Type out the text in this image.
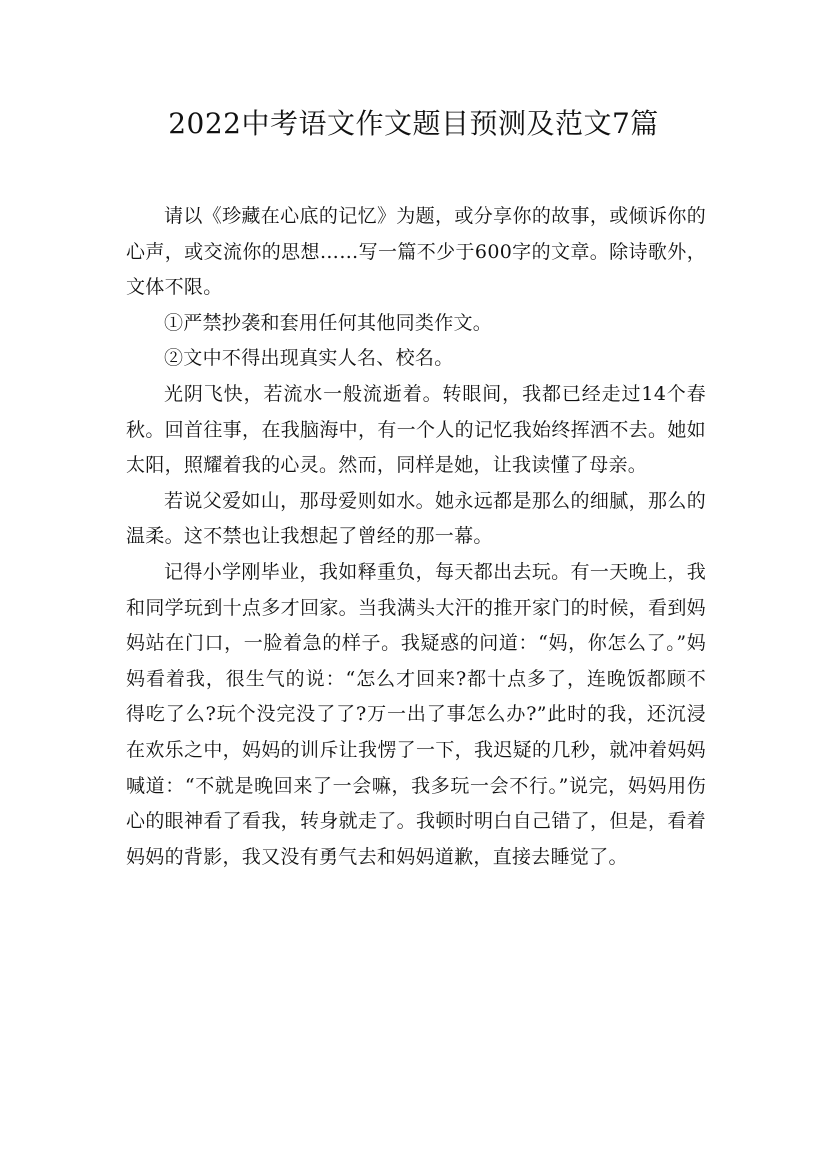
2022中考语文作文题目预测及范文7篇

请以《珍藏在心底的记忆》为题，或分享你的故事，或倾诉你的心声，或交流你的思想……写一篇不少于600字的文章。除诗歌外，文体不限。

①严禁抄袭和套用任何其他同类作文。

②文中不得出现真实人名、校名。

光阴飞快，若流水一般流逝着。转眼间，我都已经走过14个春秋。回首往事，在我脑海中，有一个人的记忆我始终挥洒不去。她如太阳，照耀着我的心灵。然而，同样是她，让我读懂了母亲。

若说父爱如山，那母爱则如水。她永远都是那么的细腻，那么的温柔。这不禁也让我想起了曾经的那一幕。

记得小学刚毕业，我如释重负，每天都出去玩。有一天晚上，我和同学玩到十点多才回家。当我满头大汗的推开家门的时候，看到妈妈站在门口，一脸着急的样子。我疑惑的问道：“妈，你怎么了。”妈妈看着我，很生气的说：“怎么才回来?都十点多了，连晚饭都顾不得吃了么?玩个没完没了了?万一出了事怎么办?”此时的我，还沉浸在欢乐之中，妈妈的训斥让我愣了一下，我迟疑的几秒，就冲着妈妈喊道：“不就是晚回来了一会嘛，我多玩一会不行。”说完，妈妈用伤心的眼神看了看我，转身就走了。我顿时明白自己错了，但是，看着妈妈的背影，我又没有勇气去和妈妈道歉，直接去睡觉了。
